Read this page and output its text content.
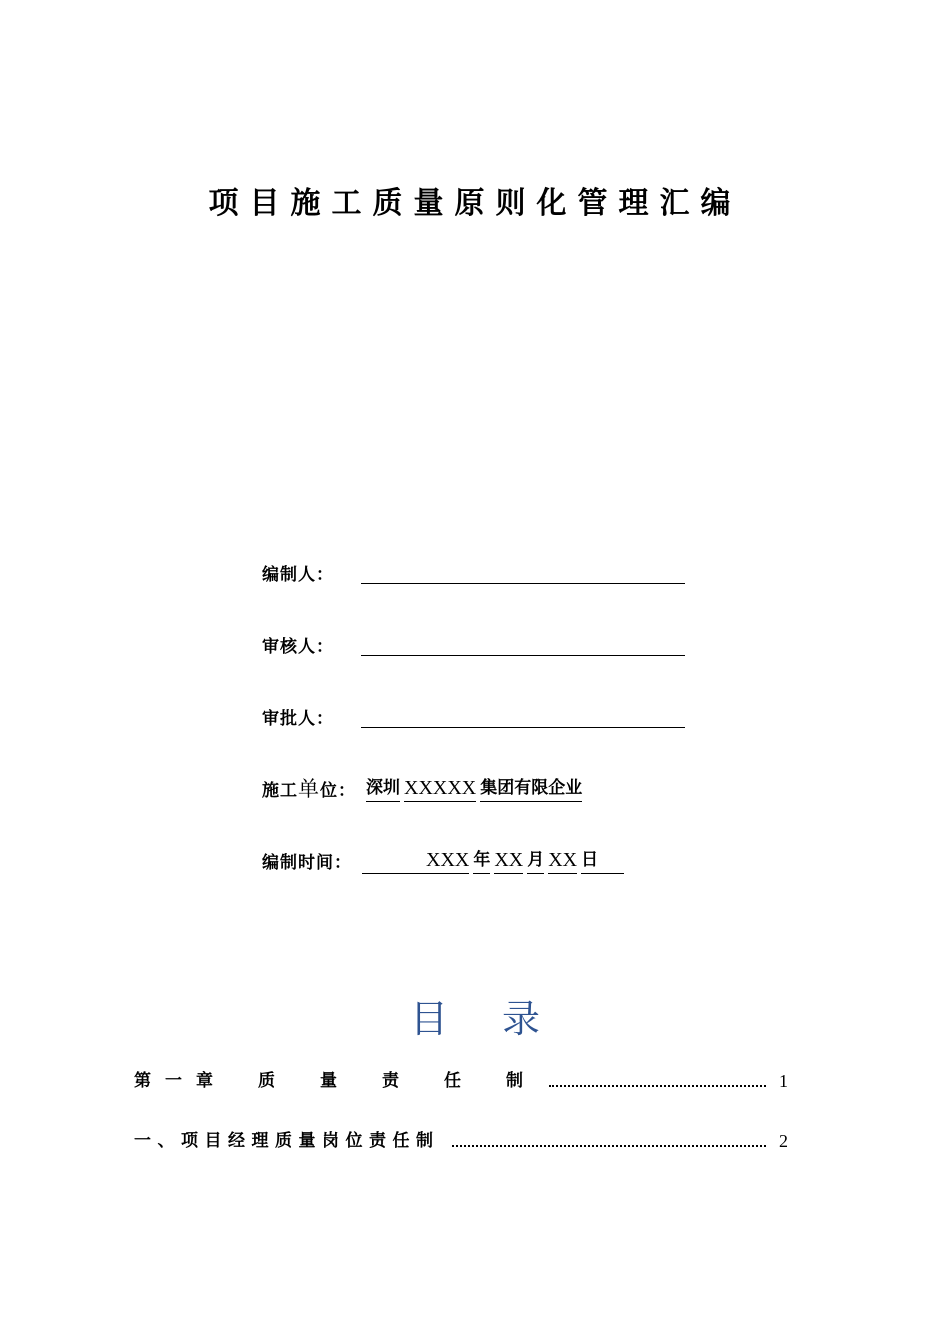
项目施工质量原则化管理汇编
编制人：
审核人：
审批人：
施工单位： 深圳 XXXXX 集团有限企业
编制时间：	XXX 年 XX 月 XX 日
目 录
第一章　质　量　责　任　制	1
一、项目经理质量岗位责任制	2
